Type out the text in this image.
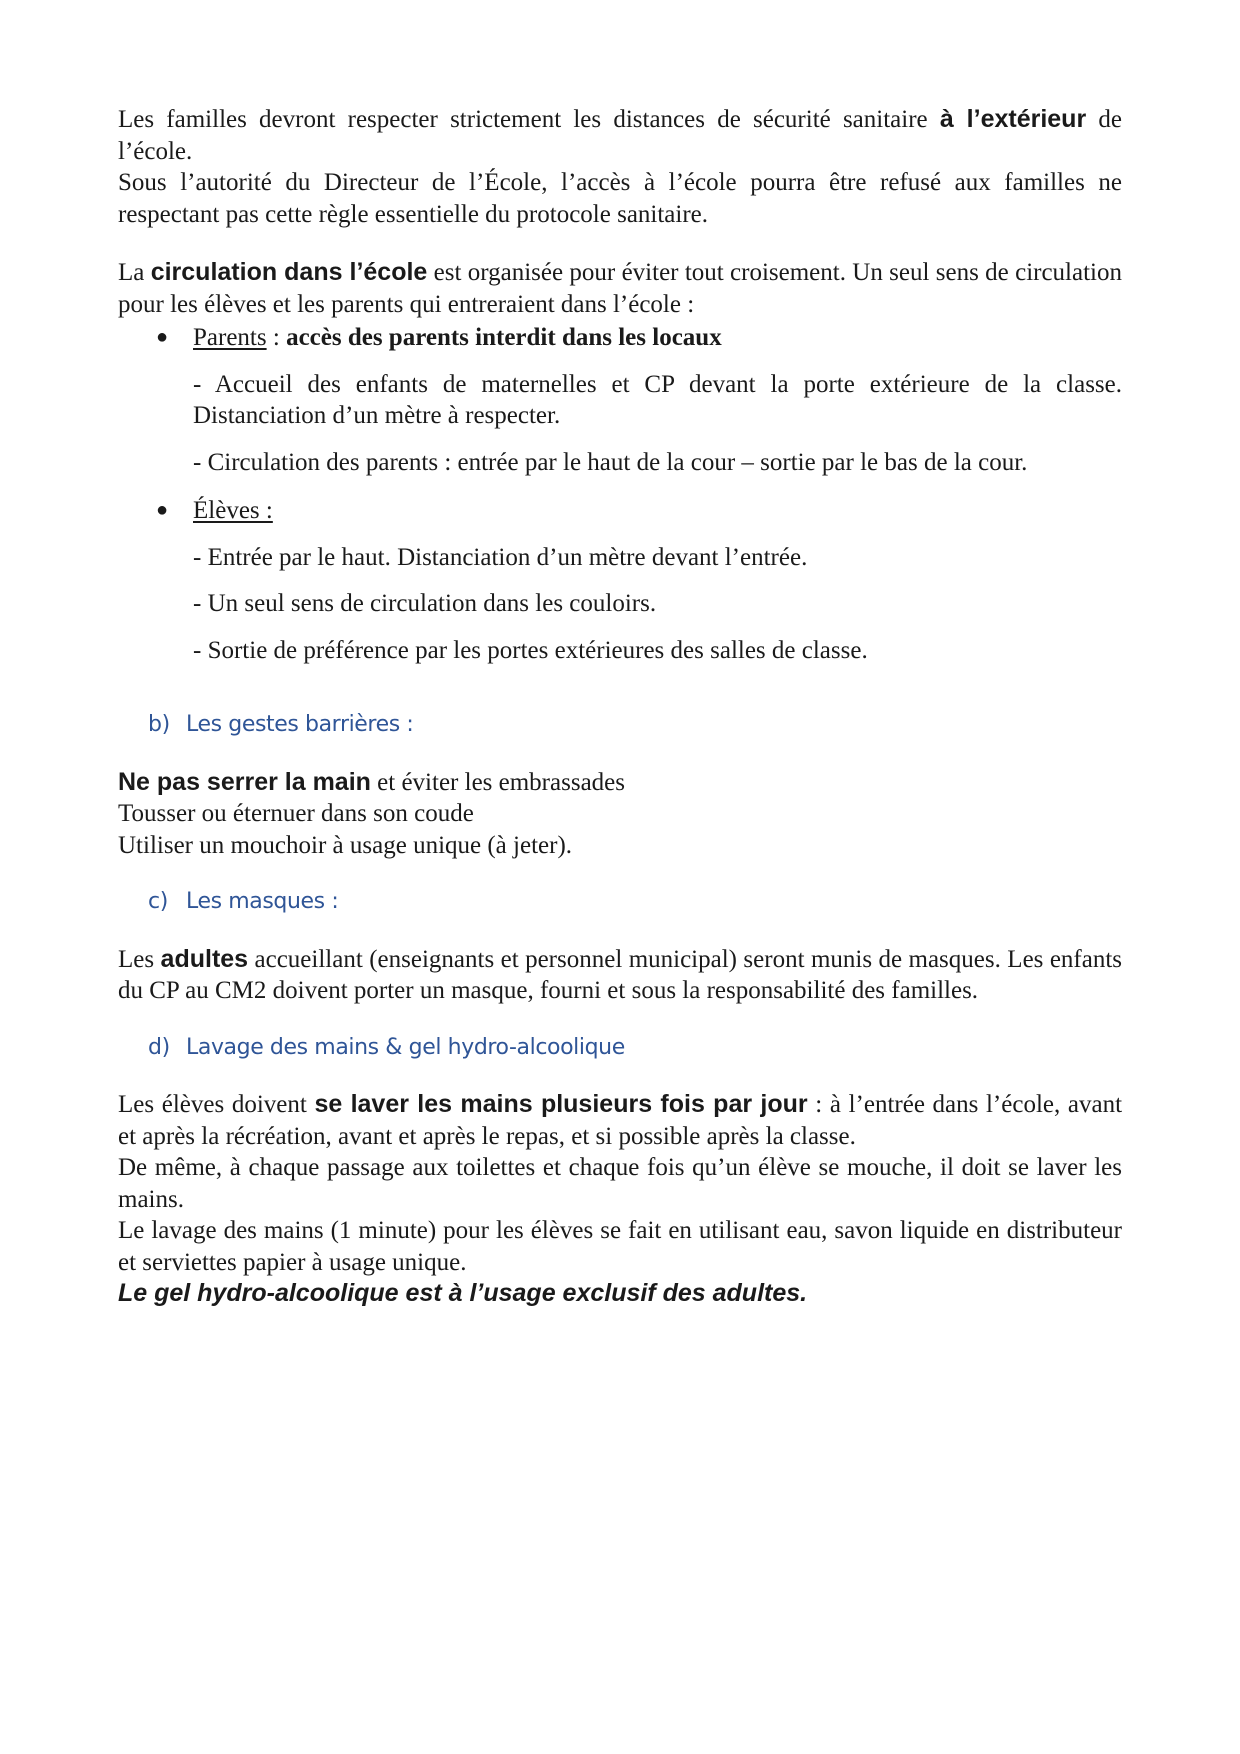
Les familles devront respecter strictement les distances de sécurité sanitaire à l’extérieur de l’école.

Sous l’autorité du Directeur de l’École, l’accès à l’école pourra être refusé aux familles ne respectant pas cette règle essentielle du protocole sanitaire.

La circulation dans l’école est organisée pour éviter tout croisement. Un seul sens de circulation pour les élèves et les parents qui entreraient dans l’école :

● Parents : accès des parents interdit dans les locaux

- Accueil des enfants de maternelles et CP devant la porte extérieure de la classe. Distanciation d’un mètre à respecter.

- Circulation des parents : entrée par le haut de la cour – sortie par le bas de la cour.

● Élèves :

- Entrée par le haut. Distanciation d’un mètre devant l’entrée.

- Un seul sens de circulation dans les couloirs.

- Sortie de préférence par les portes extérieures des salles de classe.

b) Les gestes barrières :

Ne pas serrer la main et éviter les embrassades

Tousser ou éternuer dans son coude

Utiliser un mouchoir à usage unique (à jeter).

c) Les masques :

Les adultes accueillant (enseignants et personnel municipal) seront munis de masques. Les enfants du CP au CM2 doivent porter un masque, fourni et sous la responsabilité des familles.

d) Lavage des mains & gel hydro-alcoolique

Les élèves doivent se laver les mains plusieurs fois par jour : à l’entrée dans l’école, avant et après la récréation, avant et après le repas, et si possible après la classe.

De même, à chaque passage aux toilettes et chaque fois qu’un élève se mouche, il doit se laver les mains.

Le lavage des mains (1 minute) pour les élèves se fait en utilisant eau, savon liquide en distributeur et serviettes papier à usage unique.

Le gel hydro-alcoolique est à l’usage exclusif des adultes.
